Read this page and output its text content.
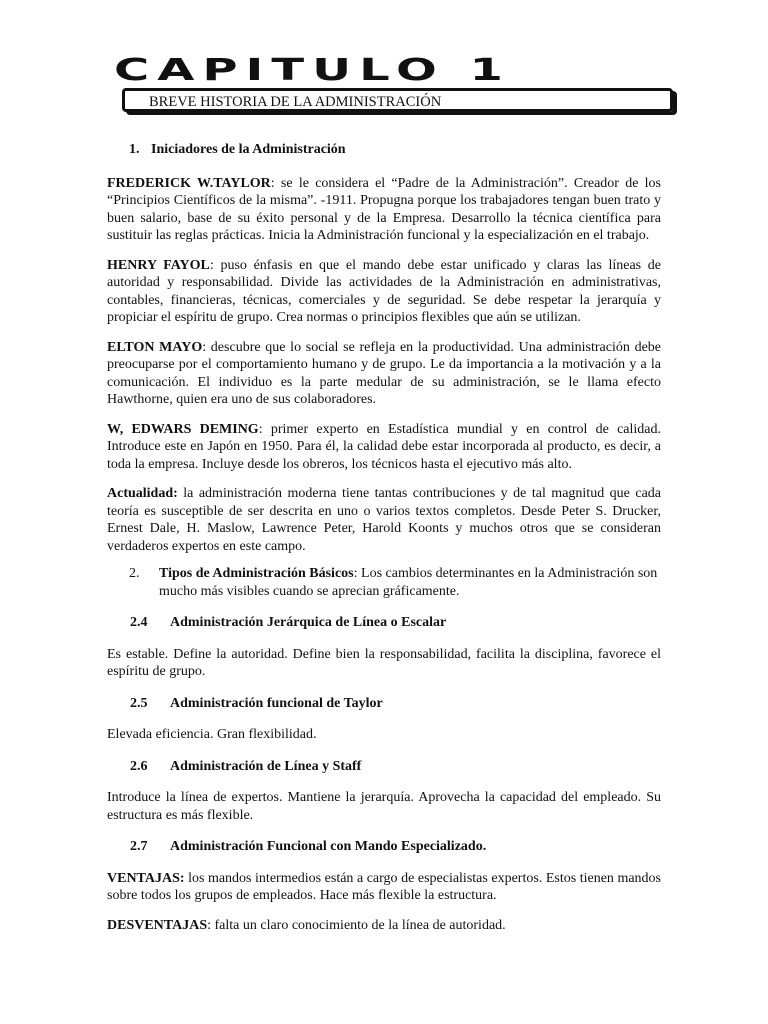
CAPITULO 1
BREVE HISTORIA DE LA ADMINISTRACIÓN
1. Iniciadores de la Administración

FREDERICK W.TAYLOR: se le considera el “Padre de la Administración”. Creador de los “Principios Científicos de la misma”. -1911. Propugna porque los trabajadores tengan buen trato y buen salario, base de su éxito personal y de la Empresa. Desarrollo la técnica científica para sustituir las reglas prácticas. Inicia la Administración funcional y la especialización en el trabajo.

HENRY FAYOL: puso énfasis en que el mando debe estar unificado y claras las líneas de autoridad y responsabilidad. Divide las actividades de la Administración en administrativas, contables, financieras, técnicas, comerciales y de seguridad. Se debe respetar la jerarquía y propiciar el espíritu de grupo. Crea normas o principios flexibles que aún se utilizan.

ELTON MAYO: descubre que lo social se refleja en la productividad. Una administración debe preocuparse por el comportamiento humano y de grupo. Le da importancia a la motivación y a la comunicación. El individuo es la parte medular de su administración, se le llama efecto Hawthorne, quien era uno de sus colaboradores.

W, EDWARS DEMING: primer experto en Estadística mundial y en control de calidad. Introduce este en Japón en 1950. Para él, la calidad debe estar incorporada al producto, es decir, a toda la empresa. Incluye desde los obreros, los técnicos hasta el ejecutivo más alto.

Actualidad: la administración moderna tiene tantas contribuciones y de tal magnitud que cada teoría es susceptible de ser descrita en uno o varios textos completos. Desde Peter S. Drucker, Ernest Dale, H. Maslow, Lawrence Peter, Harold Koonts y muchos otros que se consideran verdaderos expertos en este campo.

2.	Tipos de Administración Básicos: Los cambios determinantes en la Administración son mucho más visibles cuando se aprecian gráficamente.
2.4 Administración Jerárquica de Línea o Escalar

Es estable. Define la autoridad. Define bien la responsabilidad, facilita la disciplina, favorece el espíritu de grupo.

2.5 Administración funcional de Taylor

Elevada eficiencia. Gran flexibilidad.

2.6 Administración de Línea y Staff

Introduce la línea de expertos. Mantiene la jerarquía. Aprovecha la capacidad del empleado. Su estructura es más flexible.

2.7 Administración Funcional con Mando Especializado.

VENTAJAS: los mandos intermedios están a cargo de especialistas expertos. Estos tienen mandos sobre todos los grupos de empleados. Hace más flexible la estructura.

DESVENTAJAS: falta un claro conocimiento de la línea de autoridad.
